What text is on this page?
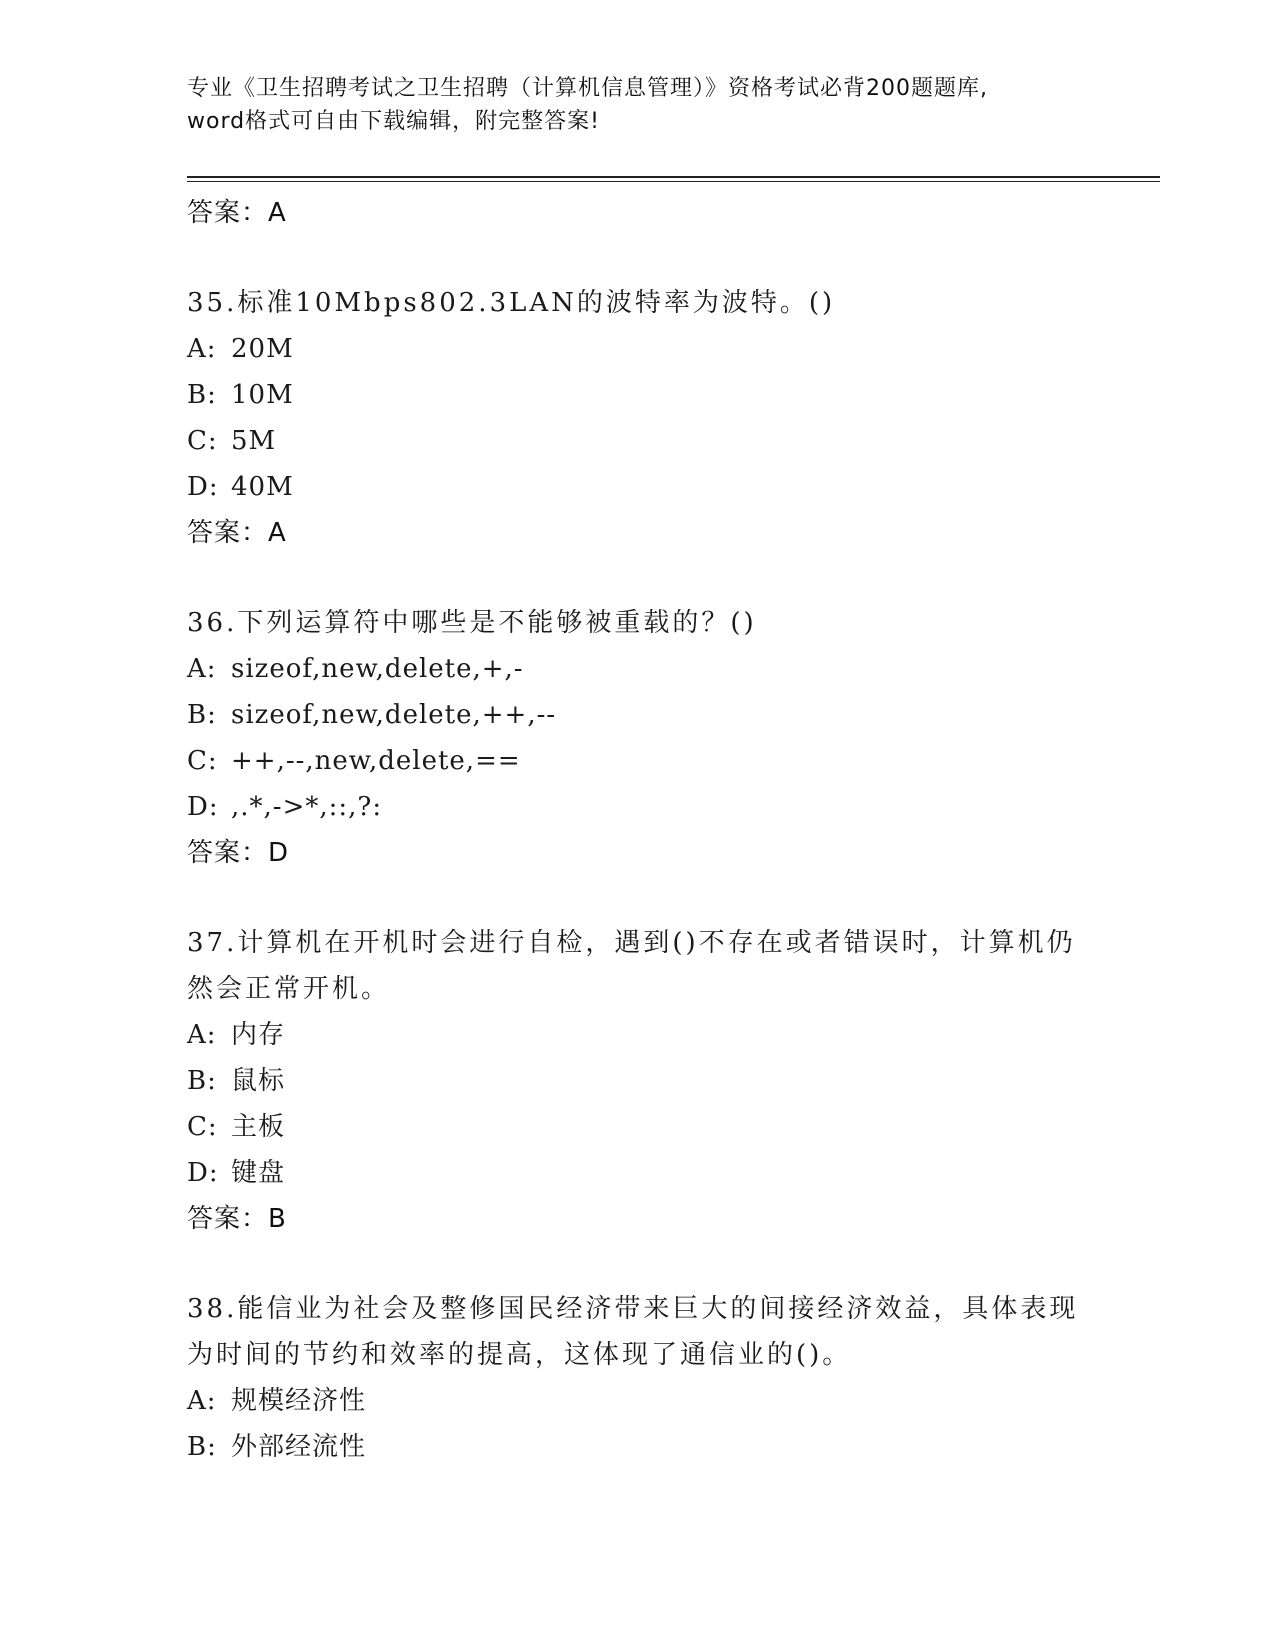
专业《卫生招聘考试之卫生招聘（计算机信息管理）》资格考试必背200题题库,
word格式可自由下载编辑，附完整答案!
答案：A
35.标准10Mbps802.3LAN的波特率为波特。()
A: 20M
B: 10M
C: 5M
D: 40M
答案：A
36.下列运算符中哪些是不能够被重载的？()
A: sizeof,new,delete,+,-
B: sizeof,new,delete,++,--
C: ++,--,new,delete,==
D: ,.*,->*,::,?:
答案：D
37.计算机在开机时会进行自检，遇到()不存在或者错误时，计算机仍然会正常开机。
A: 内存
B: 鼠标
C: 主板
D: 键盘
答案：B
38.能信业为社会及整修国民经济带来巨大的间接经济效益，具体表现为时间的节约和效率的提高，这体现了通信业的()。
A: 规模经济性
B: 外部经流性
